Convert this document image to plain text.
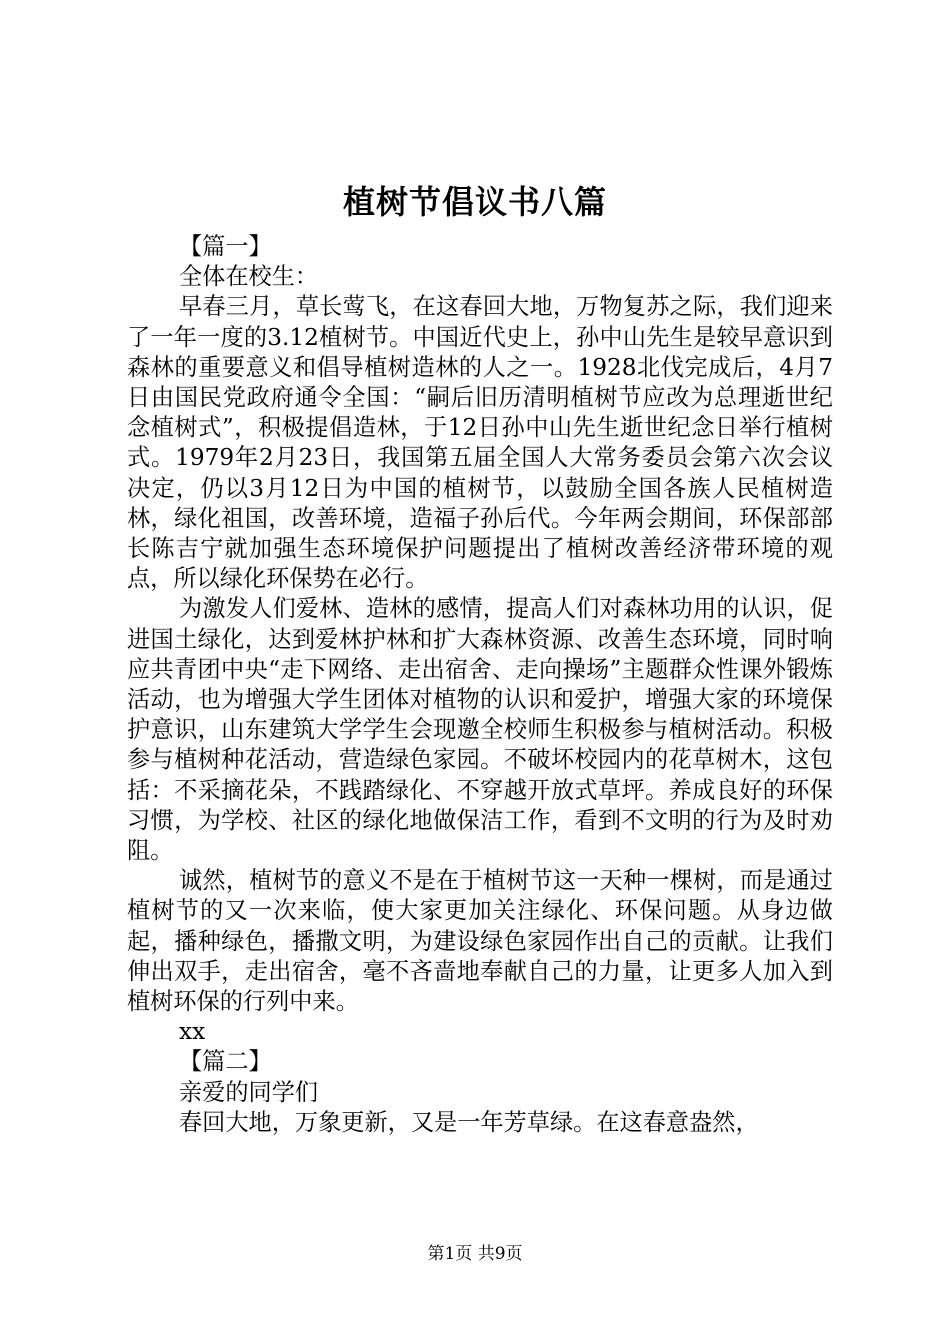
植树节倡议书八篇

【篇一】

全体在校生：

早春三月，草长莺飞，在这春回大地，万物复苏之际，我们迎来了一年一度的3.12植树节。中国近代史上，孙中山先生是较早意识到森林的重要意义和倡导植树造林的人之一。1928北伐完成后，4月7日由国民党政府通令全国：“嗣后旧历清明植树节应改为总理逝世纪念植树式”，积极提倡造林，于12日孙中山先生逝世纪念日举行植树式。1979年2月23日，我国第五届全国人大常务委员会第六次会议决定，仍以3月12日为中国的植树节，以鼓励全国各族人民植树造林，绿化祖国，改善环境，造福子孙后代。今年两会期间，环保部部长陈吉宁就加强生态环境保护问题提出了植树改善经济带环境的观点，所以绿化环保势在必行。

为激发人们爱林、造林的感情，提高人们对森林功用的认识，促进国土绿化，达到爱林护林和扩大森林资源、改善生态环境，同时响应共青团中央“走下网络、走出宿舍、走向操场”主题群众性课外锻炼活动，也为增强大学生团体对植物的认识和爱护，增强大家的环境保护意识，山东建筑大学学生会现邀全校师生积极参与植树活动。积极参与植树种花活动，营造绿色家园。不破坏校园内的花草树木，这包括：不采摘花朵，不践踏绿化、不穿越开放式草坪。养成良好的环保习惯，为学校、社区的绿化地做保洁工作，看到不文明的行为及时劝阻。

诚然，植树节的意义不是在于植树节这一天种一棵树，而是通过植树节的又一次来临，使大家更加关注绿化、环保问题。从身边做起，播种绿色，播撒文明，为建设绿色家园作出自己的贡献。让我们伸出双手，走出宿舍，毫不吝啬地奉献自己的力量，让更多人加入到植树环保的行列中来。

xx

【篇二】

亲爱的同学们

春回大地，万象更新，又是一年芳草绿。在这春意盎然，

第1页 共9页
